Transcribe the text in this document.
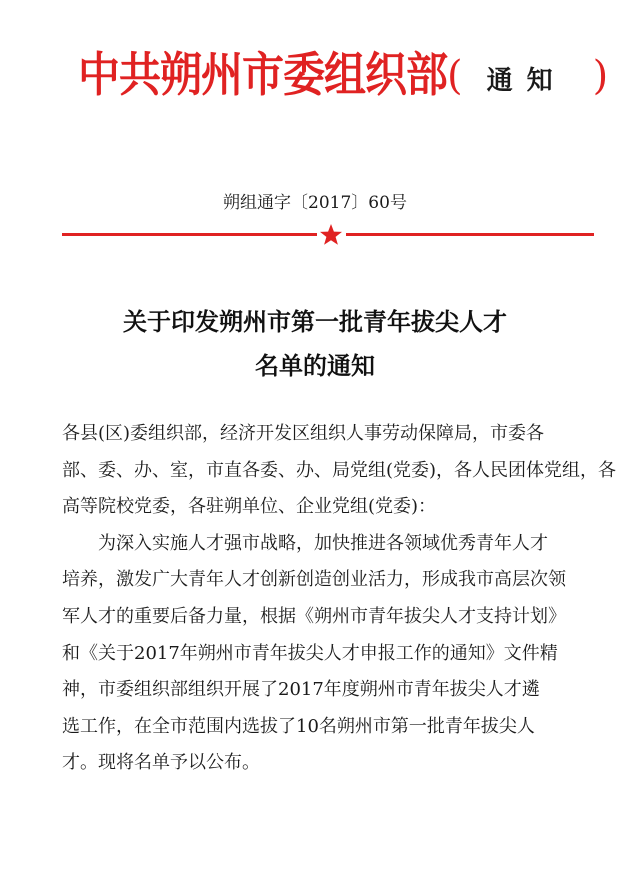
中共朔州市委组织部 ( 通知 )
朔组通字〔2017〕60号
关于印发朔州市第一批青年拔尖人才
名单的通知
各县(区)委组织部，经济开发区组织人事劳动保障局，市委各
部、委、办、室，市直各委、办、局党组(党委)，各人民团体党组，各
高等院校党委，各驻朔单位、企业党组(党委)：
为深入实施人才强市战略，加快推进各领域优秀青年人才
培养，激发广大青年人才创新创造创业活力，形成我市高层次领
军人才的重要后备力量，根据《朔州市青年拔尖人才支持计划》
和《关于2017年朔州市青年拔尖人才申报工作的通知》文件精
神，市委组织部组织开展了2017年度朔州市青年拔尖人才遴
选工作，在全市范围内选拔了10名朔州市第一批青年拔尖人
才。现将名单予以公布。
